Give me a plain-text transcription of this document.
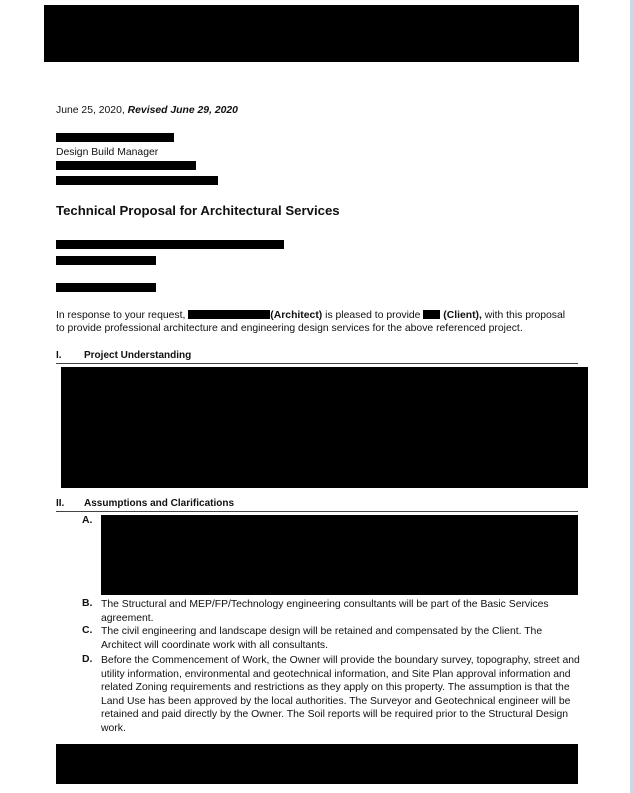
June 25, 2020, Revised June 29, 2020
Design Build Manager
Technical Proposal for Architectural Services
In response to your request,	(Architect) is pleased to provide  (Client), with this proposal
to provide professional architecture and engineering design services for the above referenced project.
I. Project Understanding
II. Assumptions and Clarifications
A.
B. The Structural and MEP/FP/Technology engineering consultants will be part of the Basic Services agreement.
C. The civil engineering and landscape design will be retained and compensated by the Client. The Architect will coordinate work with all consultants.
D. Before the Commencement of Work, the Owner will provide the boundary survey, topography, street and utility information, environmental and geotechnical information, and Site Plan approval information and related Zoning requirements and restrictions as they apply on this property. The assumption is that the Land Use has been approved by the local authorities. The Surveyor and Geotechnical engineer will be retained and paid directly by the Owner. The Soil reports will be required prior to the Structural Design work.
